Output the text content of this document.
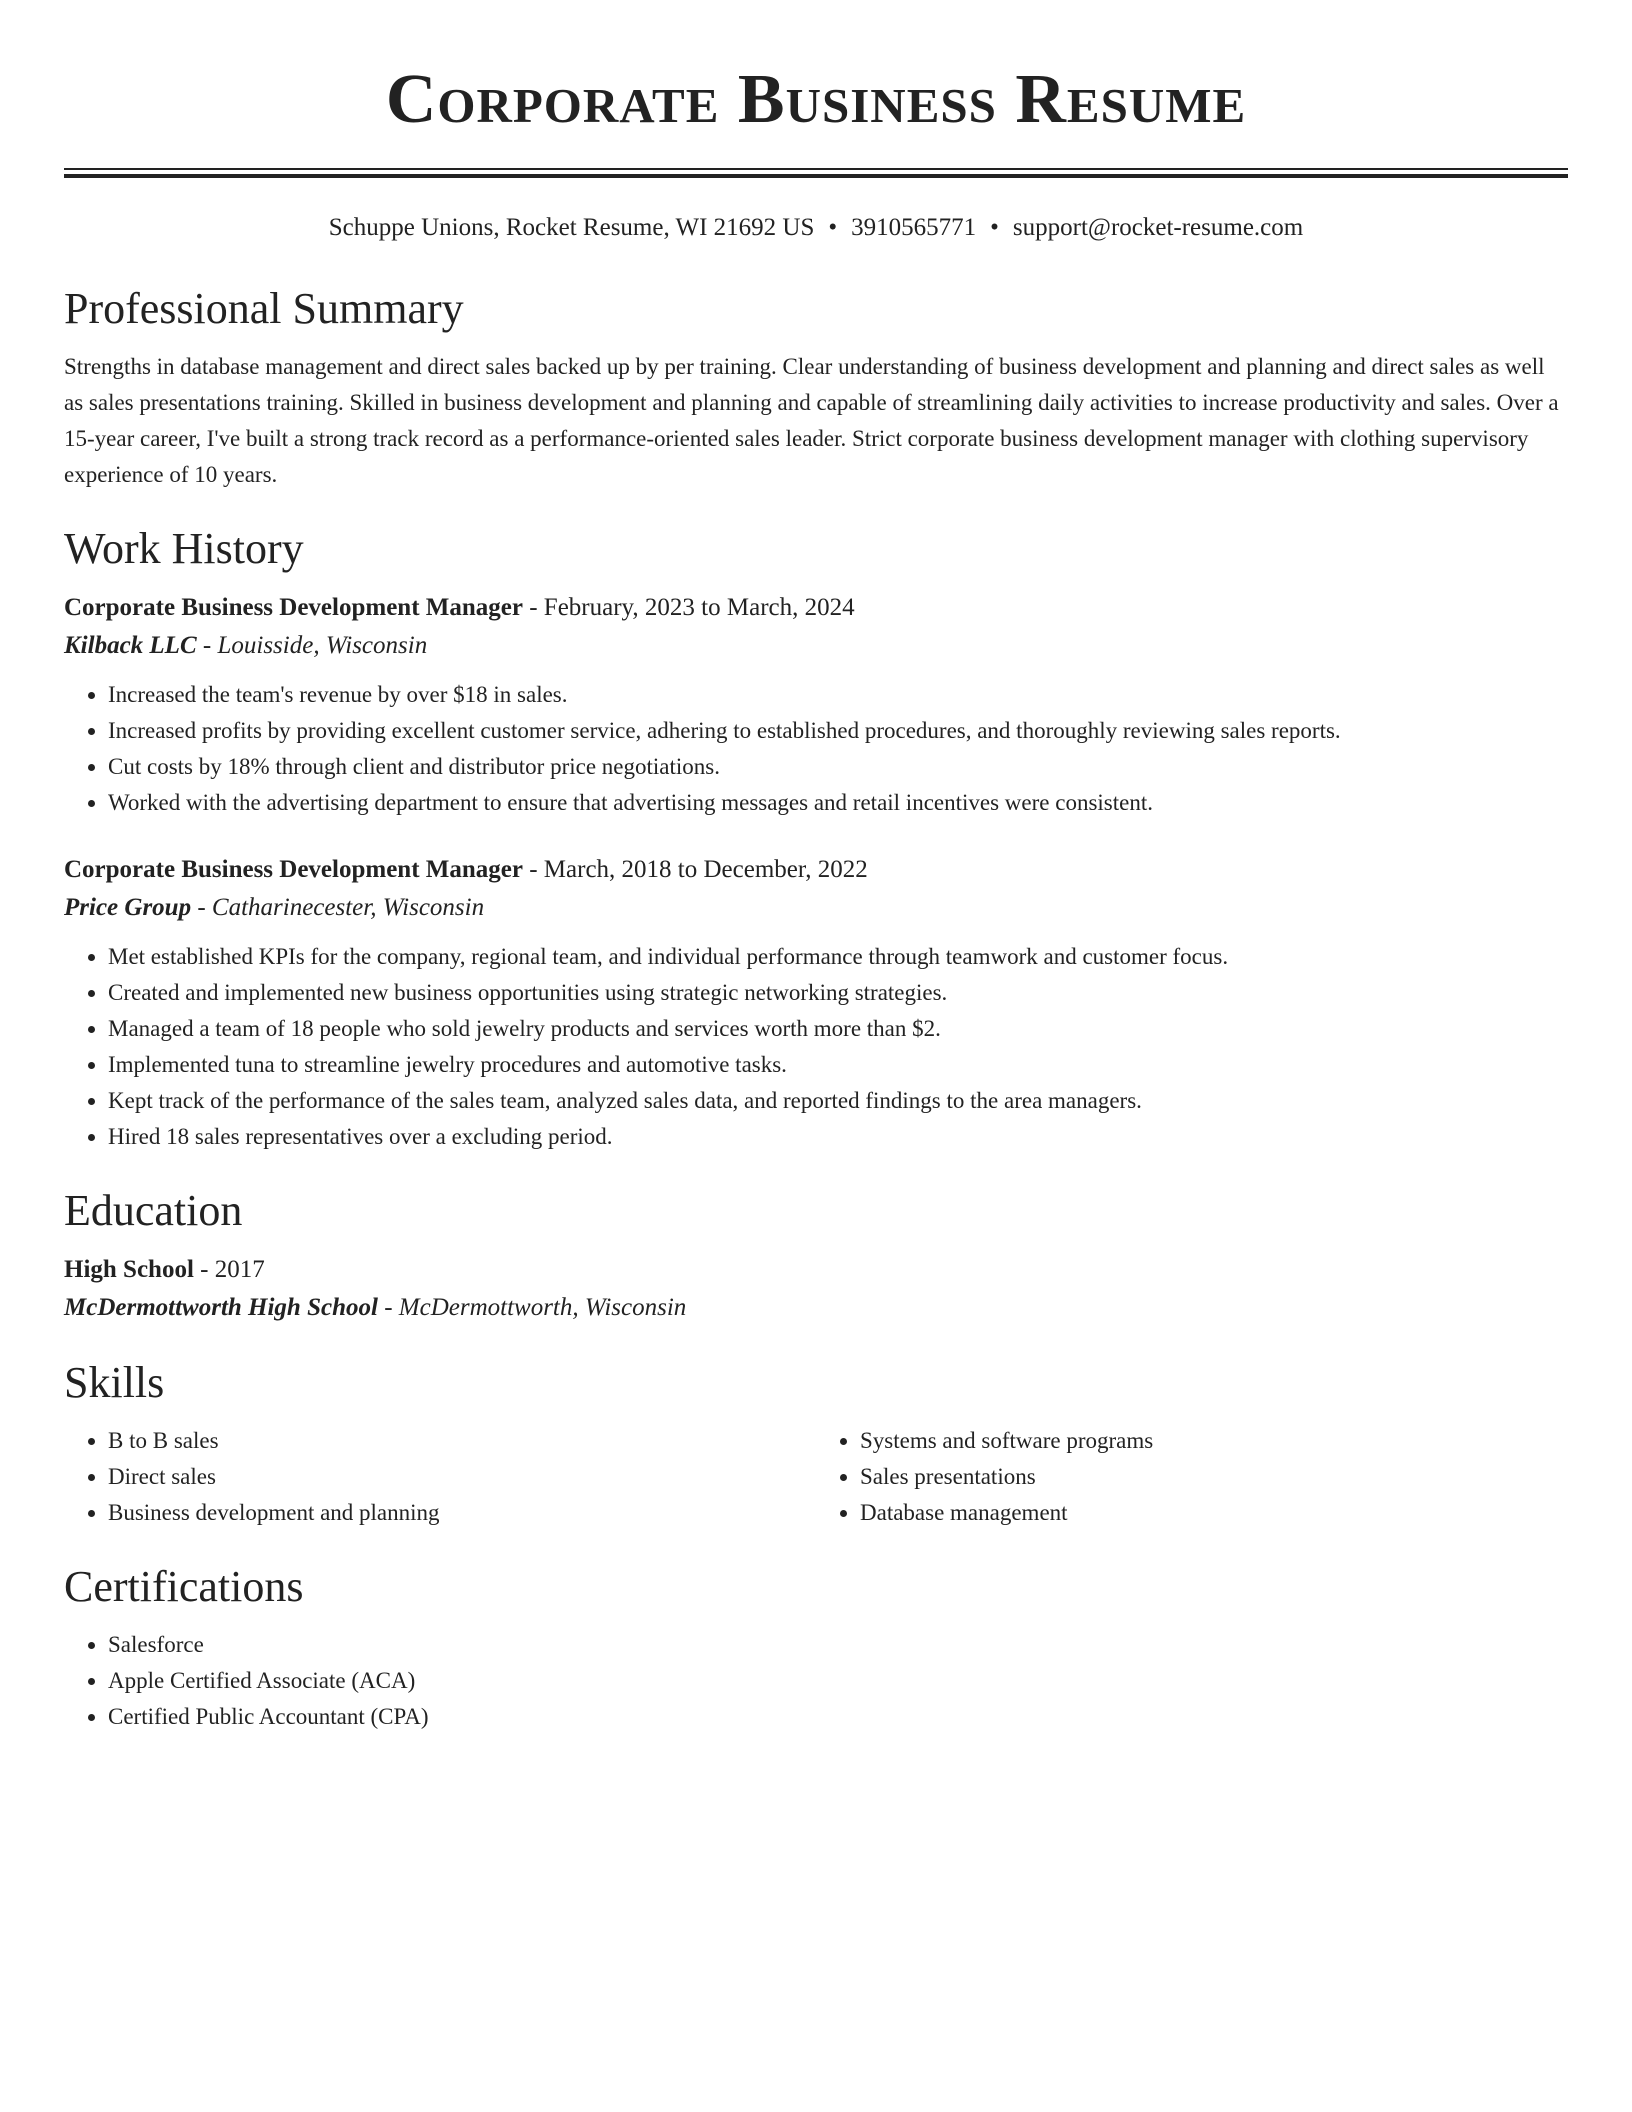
Corporate Business Resume
Schuppe Unions, Rocket Resume, WI 21692 US • 3910565771 • support@rocket-resume.com
Professional Summary
Strengths in database management and direct sales backed up by per training. Clear understanding of business development and planning and direct sales as well as sales presentations training. Skilled in business development and planning and capable of streamlining daily activities to increase productivity and sales. Over a 15-year career, I've built a strong track record as a performance-oriented sales leader. Strict corporate business development manager with clothing supervisory experience of 10 years.
Work History
Corporate Business Development Manager - February, 2023 to March, 2024
Kilback LLC - Louisside, Wisconsin
• Increased the team's revenue by over $18 in sales.
• Increased profits by providing excellent customer service, adhering to established procedures, and thoroughly reviewing sales reports.
• Cut costs by 18% through client and distributor price negotiations.
• Worked with the advertising department to ensure that advertising messages and retail incentives were consistent.
Corporate Business Development Manager - March, 2018 to December, 2022
Price Group - Catharinecester, Wisconsin
• Met established KPIs for the company, regional team, and individual performance through teamwork and customer focus.
• Created and implemented new business opportunities using strategic networking strategies.
• Managed a team of 18 people who sold jewelry products and services worth more than $2.
• Implemented tuna to streamline jewelry procedures and automotive tasks.
• Kept track of the performance of the sales team, analyzed sales data, and reported findings to the area managers.
• Hired 18 sales representatives over a excluding period.
Education
High School - 2017
McDermottworth High School - McDermottworth, Wisconsin
Skills
• B to B sales
• Direct sales
• Business development and planning
• Systems and software programs
• Sales presentations
• Database management
Certifications
• Salesforce
• Apple Certified Associate (ACA)
• Certified Public Accountant (CPA)
